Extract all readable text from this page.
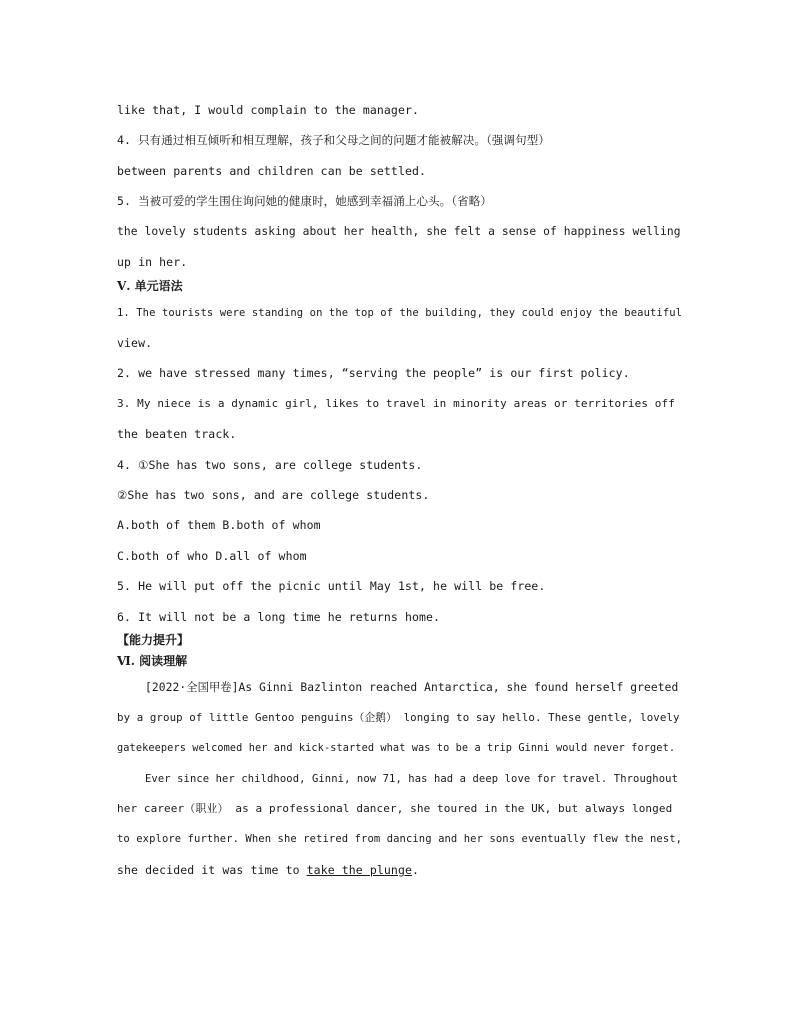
like that, I would complain to the manager.
4. 只有通过相互倾听和相互理解，孩子和父母之间的问题才能被解决。（强调句型）
between parents and children can be settled.
5. 当被可爱的学生围住询问她的健康时，她感到幸福涌上心头。（省略）
the lovely students asking about her health, she felt a sense of happiness welling
up in her.
Ⅴ. 单元语法
1. The tourists were standing on the top of the building, they could enjoy the beautiful
view.
2. we have stressed many times, “serving the people” is our first policy.
3. My niece is a dynamic girl, likes to travel in minority areas or territories off
the beaten track.
4. ①She has two sons, are college students.
②She has two sons, and are college students.
A.both of them B.both of whom
C.both of who D.all of whom
5. He will put off the picnic until May 1st, he will be free.
6. It will not be a long time he returns home.
【能力提升】
Ⅵ. 阅读理解
[2022·全国甲卷]As Ginni Bazlinton reached Antarctica, she found herself greeted
by a group of little Gentoo penguins（企鹅） longing to say hello. These gentle, lovely
gatekeepers welcomed her and kick-started what was to be a trip Ginni would never forget.
Ever since her childhood, Ginni, now 71, has had a deep love for travel. Throughout
her career（职业） as a professional dancer, she toured in the UK, but always longed
to explore further. When she retired from dancing and her sons eventually flew the nest,
she decided it was time to take the plunge.
